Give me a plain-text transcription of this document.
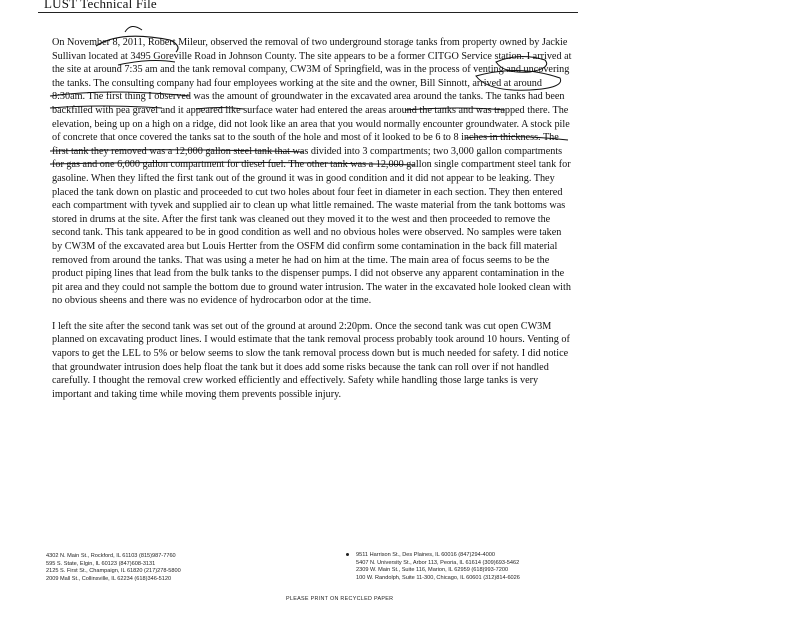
LUST Technical File

On November 8, 2011, Robert Mileur, observed the removal of two underground storage tanks from property owned by Jackie Sullivan located at 3495 Goreville Road in Johnson County. The site appears to be a former CITGO Service station. I arrived at the site at around 7:35 am and the tank removal company, CW3M of Springfield, was in the process of venting and uncovering the tanks. The consulting company had four employees working at the site and the owner, Bill Sinnott, arrived at around 8:30am. The first thing I observed was the amount of groundwater in the excavated area around the tanks. The tanks had been backfilled with pea gravel and it appeared like surface water had entered the areas around the tanks and was trapped there. The elevation, being up on a high on a ridge, did not look like an area that you would normally encounter groundwater. A stock pile of concrete that once covered the tanks sat to the south of the hole and most of it looked to be 6 to 8 inches in thickness. The first tank they removed was a 12,000 gallon steel tank that was divided into 3 compartments; two 3,000 gallon compartments for gas and one 6,000 gallon compartment for diesel fuel. The other tank was a 12,000 gallon single compartment steel tank for gasoline. When they lifted the first tank out of the ground it was in good condition and it did not appear to be leaking. They placed the tank down on plastic and proceeded to cut two holes about four feet in diameter in each section. They then entered each compartment with tyvek and supplied air to clean up what little remained. The waste material from the tank bottoms was stored in drums at the site. After the first tank was cleaned out they moved it to the west and then proceeded to remove the second tank. This tank appeared to be in good condition as well and no obvious holes were observed. No samples were taken by CW3M of the excavated area but Louis Hertter from the OSFM did confirm some contamination in the back fill material removed from around the tanks. That was using a meter he had on him at the time. The main area of focus seems to be the product piping lines that lead from the bulk tanks to the dispenser pumps. I did not observe any apparent contamination in the pit area and they could not sample the bottom due to ground water intrusion. The water in the excavated hole looked clean with no obvious sheens and there was no evidence of hydrocarbon odor at the time.

I left the site after the second tank was set out of the ground at around 2:20pm. Once the second tank was cut open CW3M planned on excavating product lines. I would estimate that the tank removal process probably took around 10 hours. Venting of vapors to get the LEL to 5% or below seems to slow the tank removal process down but is much needed for safety. I did notice that groundwater intrusion does help float the tank but it does add some risks because the tank can roll over if not handled carefully. I thought the removal crew worked efficiently and effectively. Safety while handling those large tanks is very important and taking time while moving them prevents possible injury.

4302 N. Main St., Rockford, IL 61103 (815)987-7760
595 S. State, Elgin, IL 60123 (847)608-3131
2125 S. First St., Champaign, IL 61820 (217)278-5800
2009 Mall St., Collinsville, IL 62234 (618)346-5120
9511 Harrison St., Des Plaines, IL 60016 (847)294-4000
5407 N. University St., Arbor 113, Peoria, IL 61614 (309)693-5462
2309 W. Main St., Suite 116, Marion, IL 62959 (618)993-7200
100 W. Randolph, Suite 11-300, Chicago, IL 60601 (312)814-6026
PLEASE PRINT ON RECYCLED PAPER
